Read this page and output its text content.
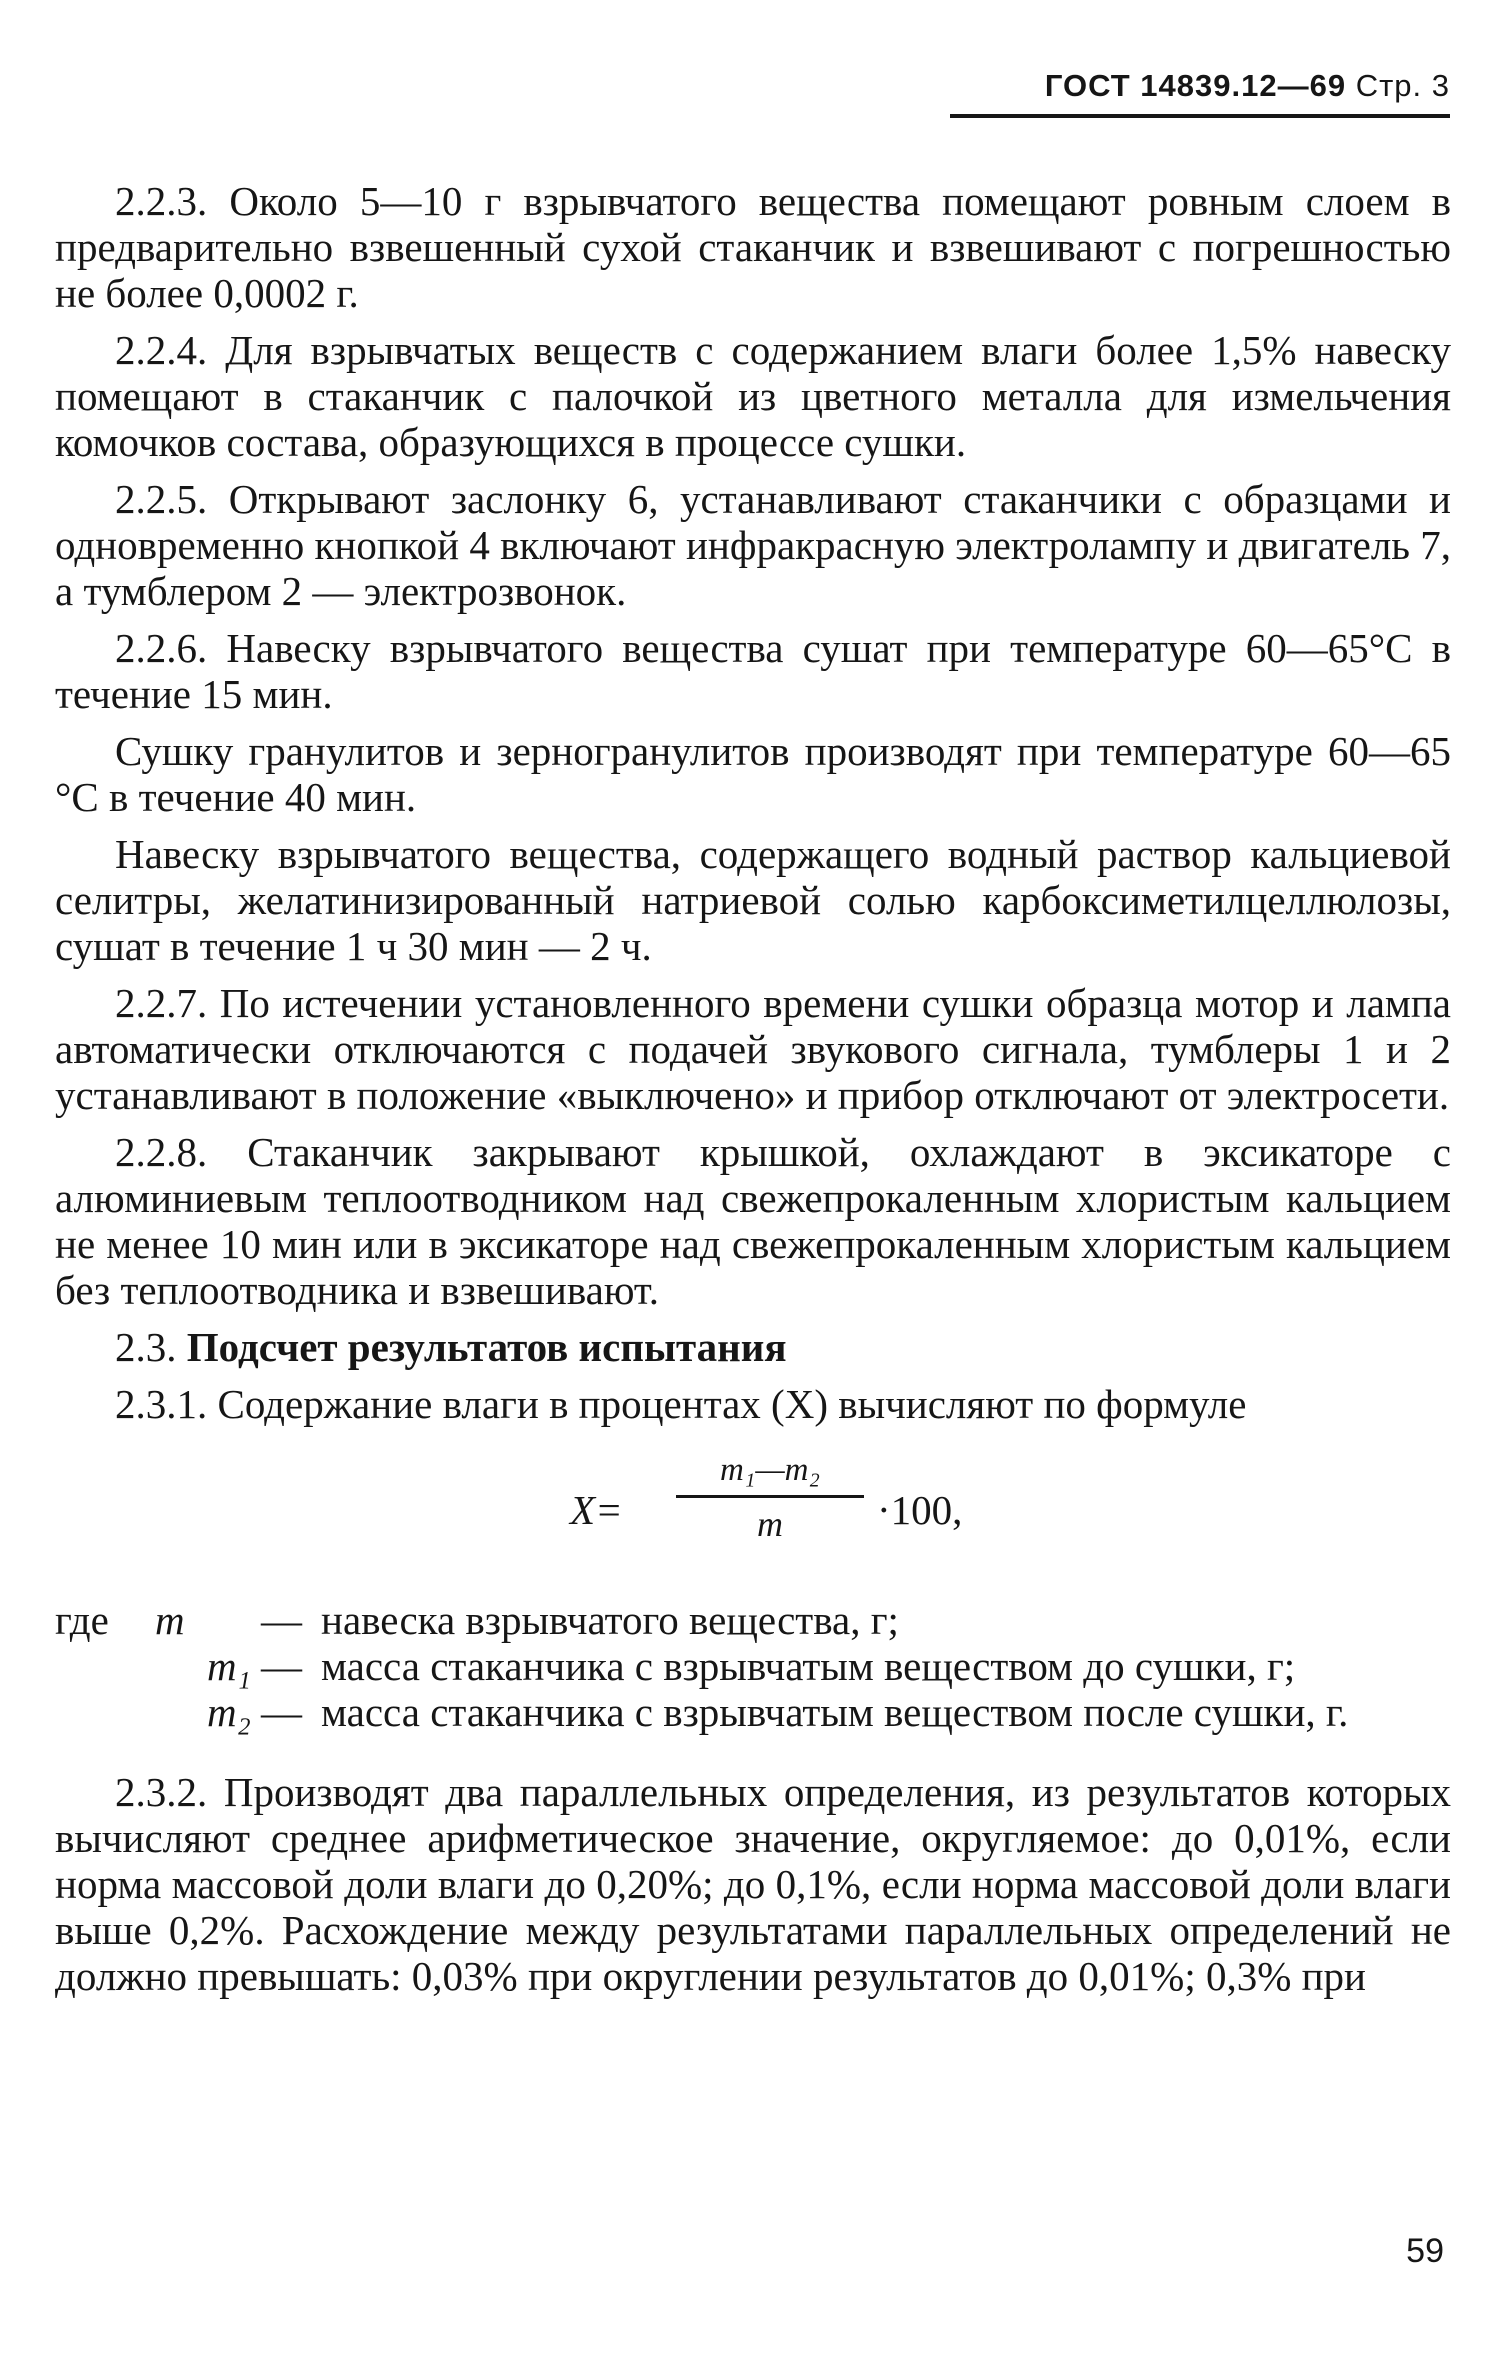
ГОСТ 14839.12—69 Стр. 3

2.2.3. Около 5—10 г взрывчатого вещества помещают ровным слоем в предварительно взвешенный сухой стаканчик и взвешивают с погрешностью не более 0,0002 г.

2.2.4. Для взрывчатых веществ с содержанием влаги более 1,5% навеску помещают в стаканчик с палочкой из цветного металла для измельчения комочков состава, образующихся в процессе сушки.

2.2.5. Открывают заслонку 6, устанавливают стаканчики с образцами и одновременно кнопкой 4 включают инфракрасную электролампу и двигатель 7, а тумблером 2 — электрозвонок.

2.2.6. Навеску взрывчатого вещества сушат при температуре 60—65°С в течение 15 мин.

Сушку гранулитов и зерногранулитов производят при температуре 60—65 °С в течение 40 мин.

Навеску взрывчатого вещества, содержащего водный раствор кальциевой селитры, желатинизированный натриевой солью карбоксиметилцеллюлозы, сушат в течение 1 ч 30 мин — 2 ч.

2.2.7. По истечении установленного времени сушки образца мотор и лампа автоматически отключаются с подачей звукового сигнала, тумблеры 1 и 2 устанавливают в положение «выключено» и прибор отключают от электросети.

2.2.8. Стаканчик закрывают крышкой, охлаждают в эксикаторе с алюминиевым теплоотводником над свежепрокаленным хлористым кальцием не менее 10 мин или в эксикаторе над свежепрокаленным хлористым кальцием без теплоотводника и взвешивают.

2.3. Подсчет результатов испытания

2.3.1. Содержание влаги в процентах (X) вычисляют по формуле

X=
m₁—m₂
m	·100,
где	m	— навеска взрывчатого вещества, г;
m₁ — масса стаканчика с взрывчатым веществом до сушки, г;
m₂ — масса стаканчика с взрывчатым веществом после сушки, г.

2.3.2. Производят два параллельных определения, из результатов которых вычисляют среднее арифметическое значение, округляемое: до 0,01%, если норма массовой доли влаги до 0,20%; до 0,1%, если норма массовой доли влаги выше 0,2%. Расхождение между результатами параллельных определений не должно превышать: 0,03% при округлении результатов до 0,01%; 0,3% при

59
